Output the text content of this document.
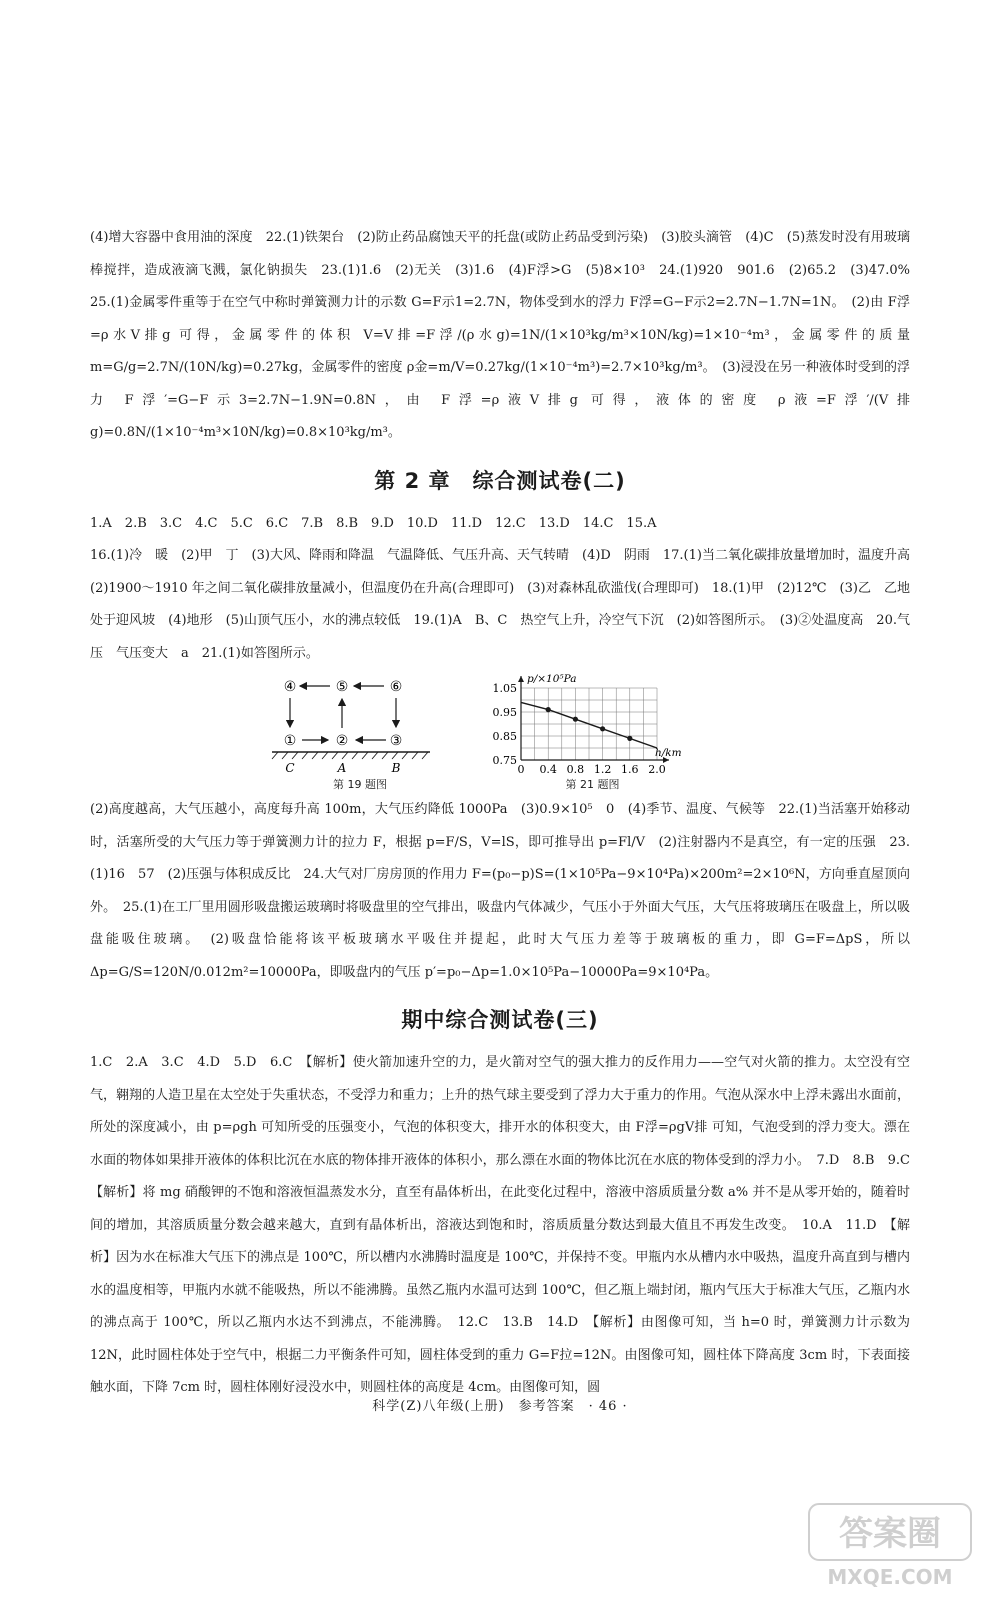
(4)增大容器中食用油的深度　22.(1)铁架台　(2)防止药品腐蚀天平的托盘(或防止药品受到污染)　(3)胶头滴管　(4)C　(5)蒸发时没有用玻璃棒搅拌，造成液滴飞溅，氯化钠损失　23.(1)1.6　(2)无关　(3)1.6　(4)F浮>G　(5)8×10³　24.(1)920　901.6　(2)65.2　(3)47.0%　25.(1)金属零件重等于在空气中称时弹簧测力计的示数 G=F示1=2.7N，物体受到水的浮力 F浮=G−F示2=2.7N−1.7N=1N。　(2)由 F浮=ρ水V排g 可得，金属零件的体积 V=V排=F浮/(ρ水g)=1N/(1×10³kg/m³×10N/kg)=1×10⁻⁴m³，金属零件的质量 m=G/g=2.7N/(10N/kg)=0.27kg，金属零件的密度 ρ金=m/V=0.27kg/(1×10⁻⁴m³)=2.7×10³kg/m³。　(3)浸没在另一种液体时受到的浮力 F浮′=G−F示3=2.7N−1.9N=0.8N，由 F浮=ρ液V排g 可得，液体的密度 ρ液=F浮′/(V排g)=0.8N/(1×10⁻⁴m³×10N/kg)=0.8×10³kg/m³。

第 2 章　综合测试卷(二)

1.A　2.B　3.C　4.C　5.C　6.C　7.B　8.B　9.D　10.D　11.D　12.C　13.D　14.C　15.A

16.(1)冷　暖　(2)甲　丁　(3)大风、降雨和降温　气温降低、气压升高、天气转晴　(4)D　阴雨　17.(1)当二氧化碳排放量增加时，温度升高　(2)1900～1910 年之间二氧化碳排放量减小，但温度仍在升高(合理即可)　(3)对森林乱砍滥伐(合理即可)　18.(1)甲　(2)12℃　(3)乙　乙地处于迎风坡　(4)地形　(5)山顶气压小，水的沸点较低　19.(1)A　B、C　热空气上升，冷空气下沉　(2)如答图所示。　(3)②处温度高　20.气压　气压变大　a　21.(1)如答图所示。

④	⑤	⑥
①	②	③
C	A	B
第 19 题图
1.05
0.95
0.85
0.75
0 0.4 0.8 1.2 1.6 2.0
p/×10⁵Pa
h/km
第 21 题图

(2)高度越高，大气压越小，高度每升高 100m，大气压约降低 1000Pa　(3)0.9×10⁵　0　(4)季节、温度、气候等　22.(1)当活塞开始移动时，活塞所受的大气压力等于弹簧测力计的拉力 F，根据 p=F/S，V=lS，即可推导出 p=Fl/V　(2)注射器内不是真空，有一定的压强　23.(1)16　57　(2)压强与体积成反比　24.大气对厂房房顶的作用力 F=(p₀−p)S=(1×10⁵Pa−9×10⁴Pa)×200m²=2×10⁶N，方向垂直屋顶向外。　25.(1)在工厂里用圆形吸盘搬运玻璃时将吸盘里的空气排出，吸盘内气体减少，气压小于外面大气压，大气压将玻璃压在吸盘上，所以吸盘能吸住玻璃。　(2)吸盘恰能将该平板玻璃水平吸住并提起，此时大气压力差等于玻璃板的重力，即 G=F=ΔpS，所以 Δp=G/S=120N/0.012m²=10000Pa，即吸盘内的气压 p′=p₀−Δp=1.0×10⁵Pa−10000Pa=9×10⁴Pa。

期中综合测试卷(三)

1.C　2.A　3.C　4.D　5.D　6.C　【解析】使火箭加速升空的力，是火箭对空气的强大推力的反作用力——空气对火箭的推力。太空没有空气，翱翔的人造卫星在太空处于失重状态，不受浮力和重力；上升的热气球主要受到了浮力大于重力的作用。气泡从深水中上浮未露出水面前，所处的深度减小，由 p=ρgh 可知所受的压强变小，气泡的体积变大，排开水的体积变大，由 F浮=ρgV排 可知，气泡受到的浮力变大。漂在水面的物体如果排开液体的体积比沉在水底的物体排开液体的体积小，那么漂在水面的物体比沉在水底的物体受到的浮力小。　7.D　8.B　9.C　【解析】将 mg 硝酸钾的不饱和溶液恒温蒸发水分，直至有晶体析出，在此变化过程中，溶液中溶质质量分数 a% 并不是从零开始的，随着时间的增加，其溶质质量分数会越来越大，直到有晶体析出，溶液达到饱和时，溶质质量分数达到最大值且不再发生改变。　10.A　11.D　【解析】因为水在标准大气压下的沸点是 100℃，所以槽内水沸腾时温度是 100℃，并保持不变。甲瓶内水从槽内水中吸热，温度升高直到与槽内水的温度相等，甲瓶内水就不能吸热，所以不能沸腾。虽然乙瓶内水温可达到 100℃，但乙瓶上端封闭，瓶内气压大于标准大气压，乙瓶内水的沸点高于 100℃，所以乙瓶内水达不到沸点，不能沸腾。　12.C　13.B　14.D　【解析】由图像可知，当 h=0 时，弹簧测力计示数为 12N，此时圆柱体处于空气中，根据二力平衡条件可知，圆柱体受到的重力 G=F拉=12N。由图像可知，圆柱体下降高度 3cm 时，下表面接触水面，下降 7cm 时，圆柱体刚好浸没水中，则圆柱体的高度是 4cm。由图像可知，圆

科学(Z)八年级(上册)　参考答案　· 46 ·
答案圈
MXQE.COM
